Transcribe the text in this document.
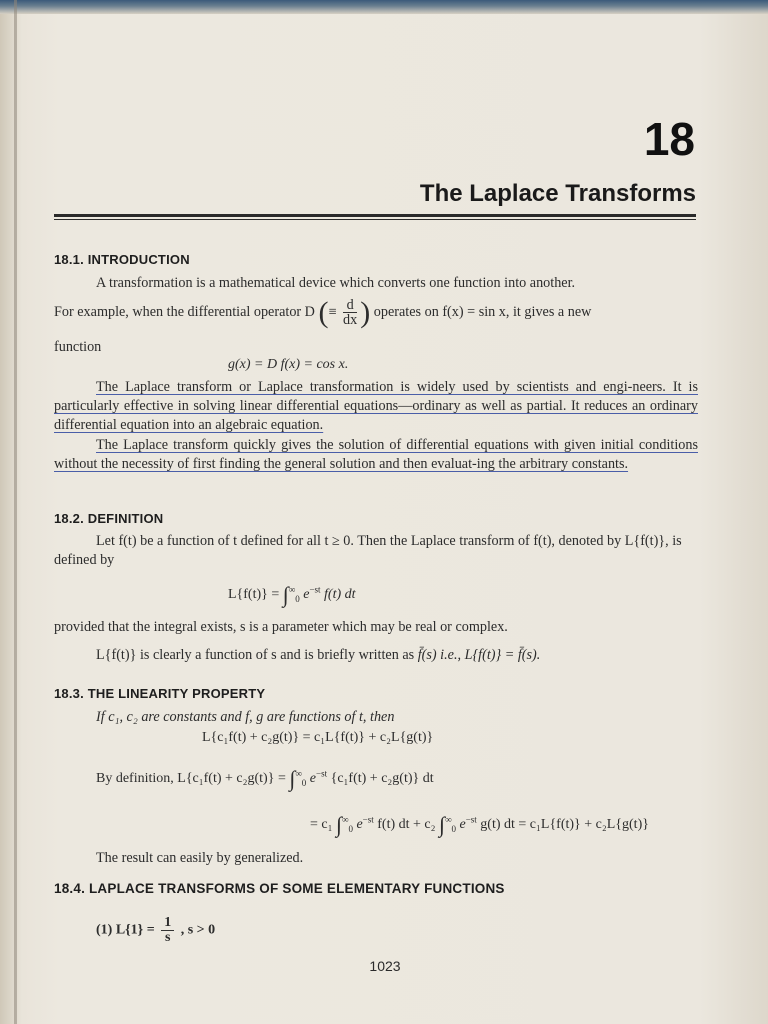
18
The Laplace Transforms
18.1. INTRODUCTION
A transformation is a mathematical device which converts one function into another.
For example, when the differential operator D (≡ $\frac{d}{dx}$ ) operates on f(x) = sin x, it gives a new
function
g(x) = D f(x) = cos x.
The Laplace transform or Laplace transformation is widely used by scientists and engi-neers. It is particularly effective in solving linear differential equations—ordinary as well as partial. It reduces an ordinary differential equation into an algebraic equation.
The Laplace transform quickly gives the solution of differential equations with given initial conditions without the necessity of first finding the general solution and then evaluat-ing the arbitrary constants.
18.2. DEFINITION
Let f(t) be a function of t defined for all t ≥ 0. Then the Laplace transform of f(t), denoted by L{f(t)}, is defined by
$L\{f(t)\} = \int^\infty_0$ $e^{-st}$ f(t) dt
provided that the integral exists, s is a parameter which may be real or complex.
L{f(t)} is clearly a function of s and is briefly written as f̄(s) i.e., L{f(t)} = f̄(s).
18.3. THE LINEARITY PROPERTY
If c₁, c₂ are constants and f, g are functions of t, then
L{c₁f(t) + c₂g(t)} = c₁L{f(t)} + c₂L{g(t)}
By definition, $L\{c_1f(t) + c_2g(t)\} = \int^\infty_0$ $e^{-st}$ {c₁f(t) + c₂g(t)} dt
= c₁ $\int^\infty_0$ $e^{-st}$ f(t) dt + c₂ $\int^\infty_0$ $e^{-st}$ g(t) dt = c₁L{f(t)} + c₂L{g(t)}
The result can easily by generalized.
18.4. LAPLACE TRANSFORMS OF SOME ELEMENTARY FUNCTIONS
(1) $L\{1\} = \frac{1}{s}$ , s > 0
1023
